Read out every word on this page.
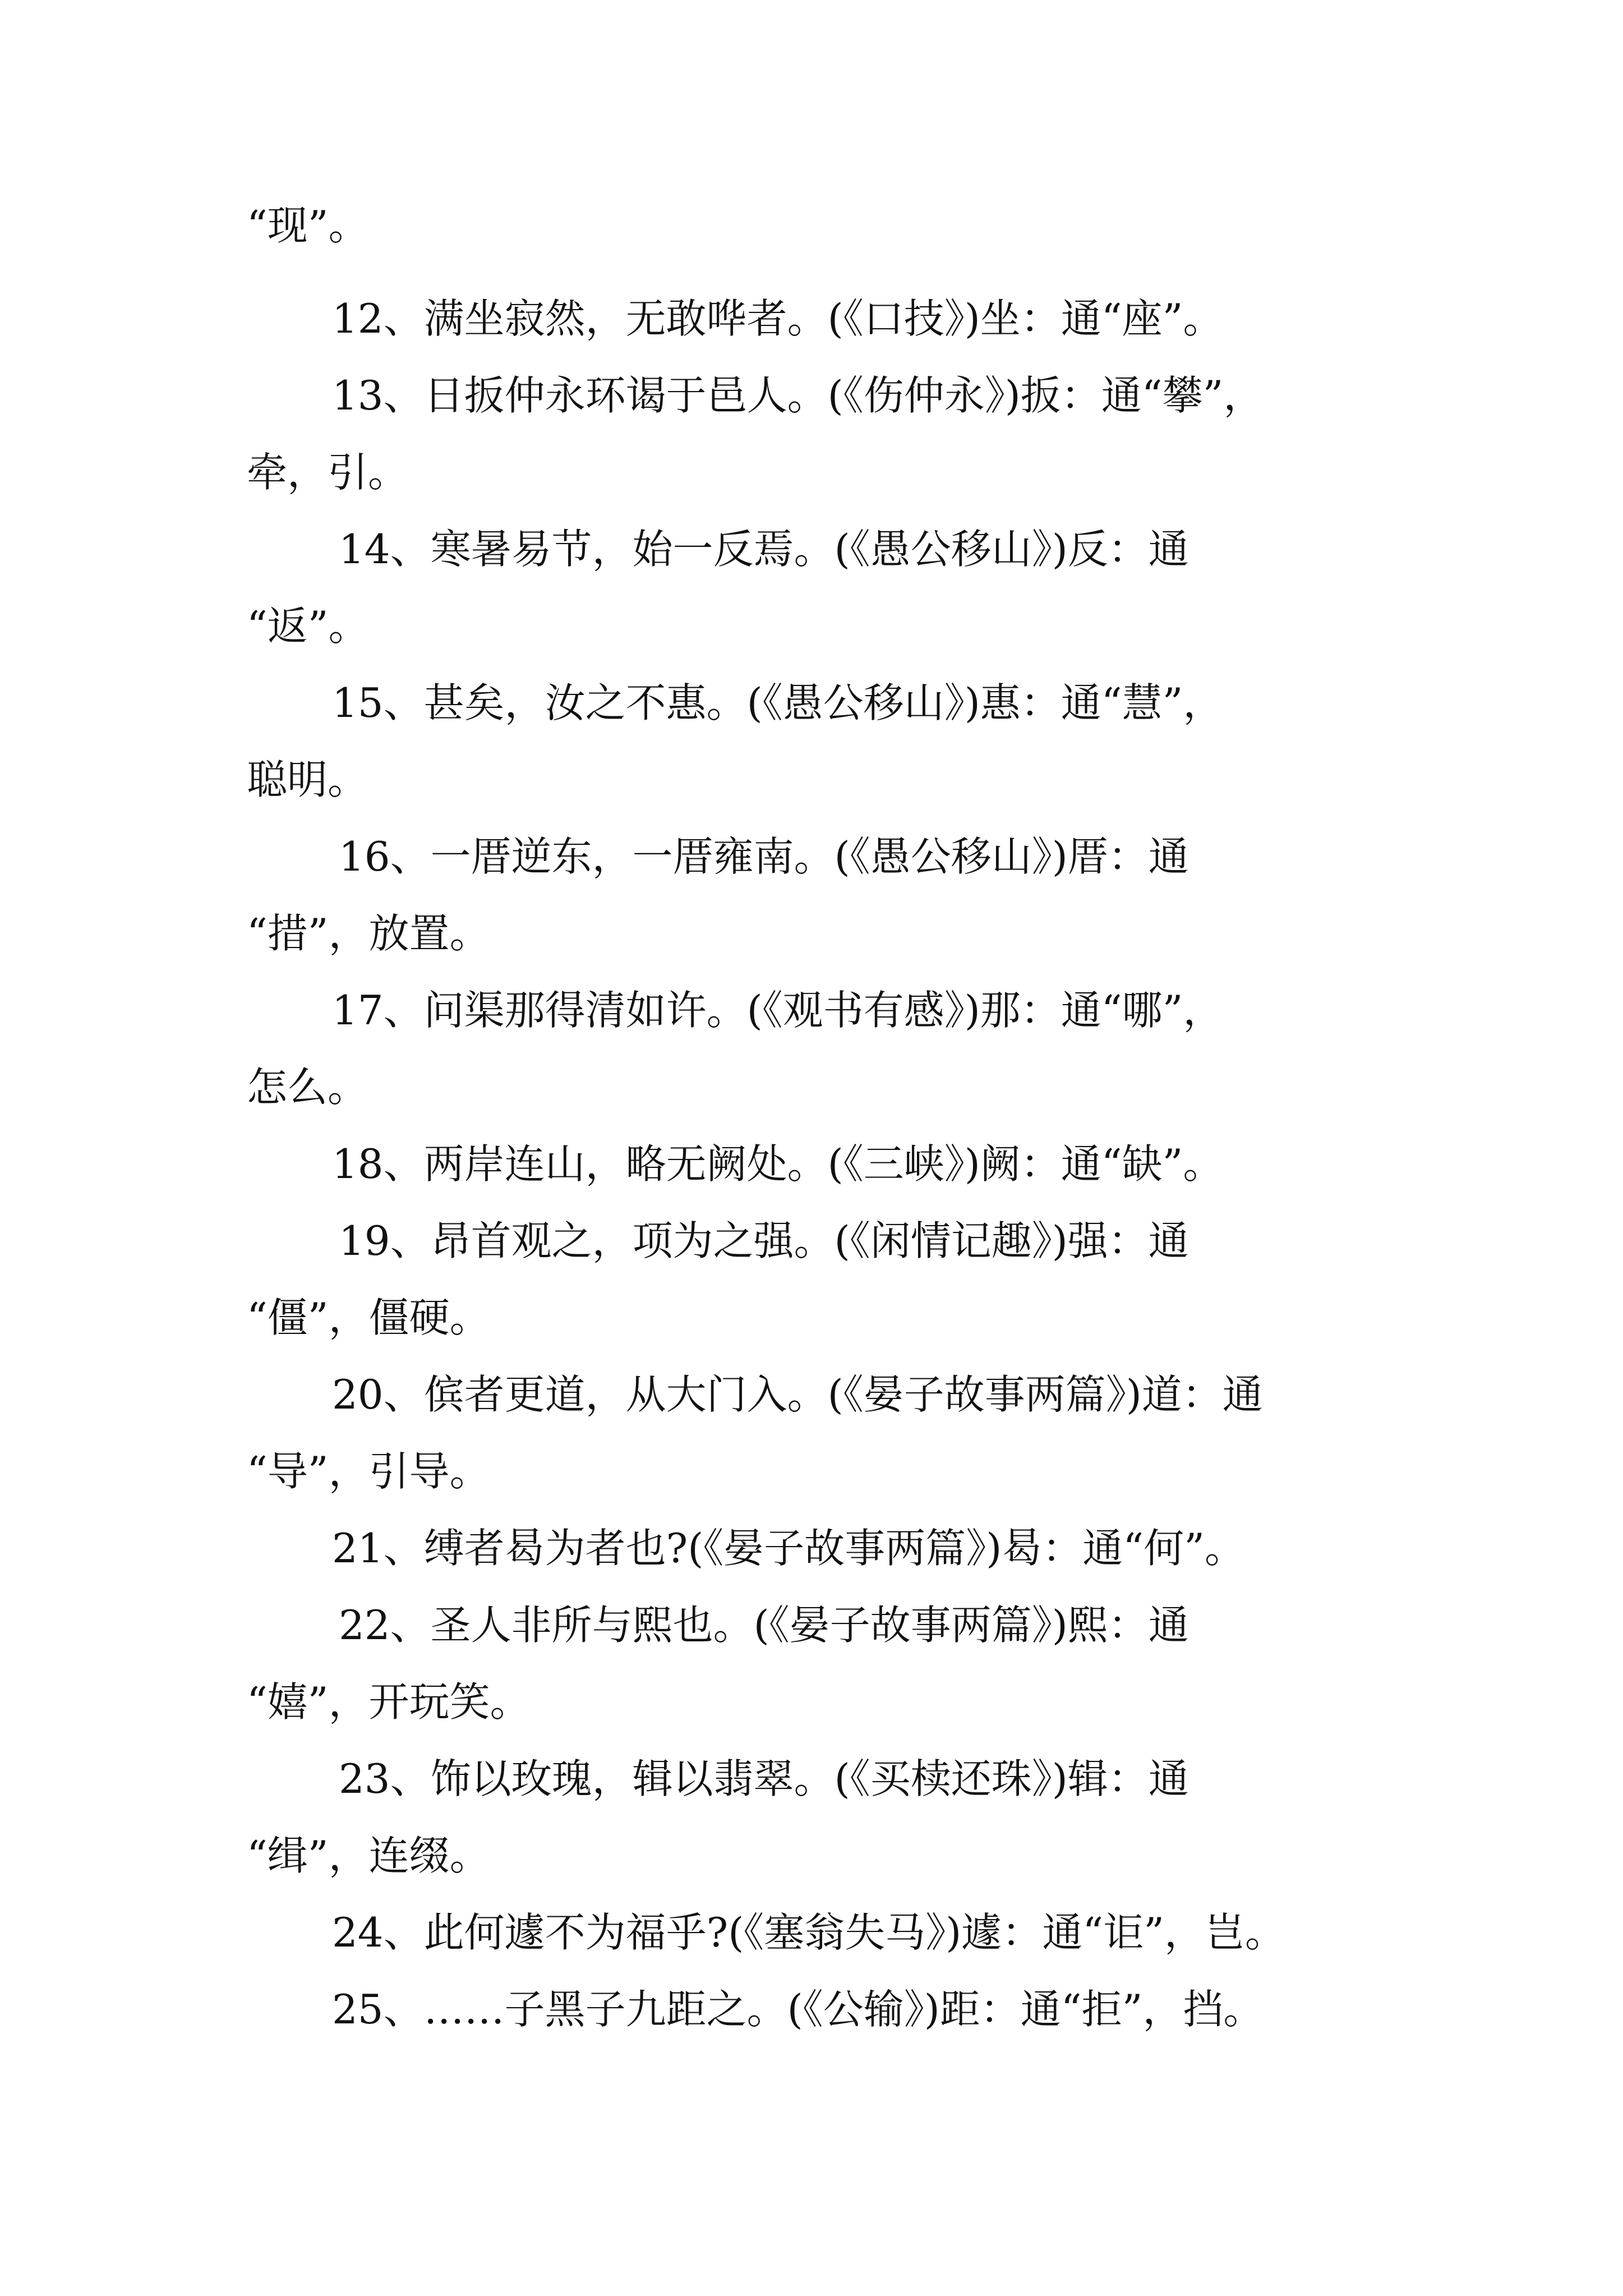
“现”。
12、满坐寂然，无敢哗者。(《口技》)坐：通“座”。
13、日扳仲永环谒于邑人。(《伤仲永》)扳：通“攀”，
牵，引。
14、寒暑易节，始一反焉。(《愚公移山》)反：通
“返”。
15、甚矣，汝之不惠。(《愚公移山》)惠：通“慧”，
聪明。
16、一厝逆东，一厝雍南。(《愚公移山》)厝：通
“措”，放置。
17、问渠那得清如许。(《观书有感》)那：通“哪”，
怎么。
18、两岸连山，略无阙处。(《三峡》)阙：通“缺”。
19、昂首观之，项为之强。(《闲情记趣》)强：通
“僵”，僵硬。
20、傧者更道，从大门入。(《晏子故事两篇》)道：通
“导”，引导。
21、缚者曷为者也?(《晏子故事两篇》)曷：通“何”。
22、圣人非所与熙也。(《晏子故事两篇》)熙：通
“嬉”，开玩笑。
23、饰以玫瑰，辑以翡翠。(《买椟还珠》)辑：通
“缉”，连缀。
24、此何遽不为福乎?(《塞翁失马》)遽：通“讵”，岂。
25、……子黑子九距之。(《公输》)距：通“拒”，挡。
